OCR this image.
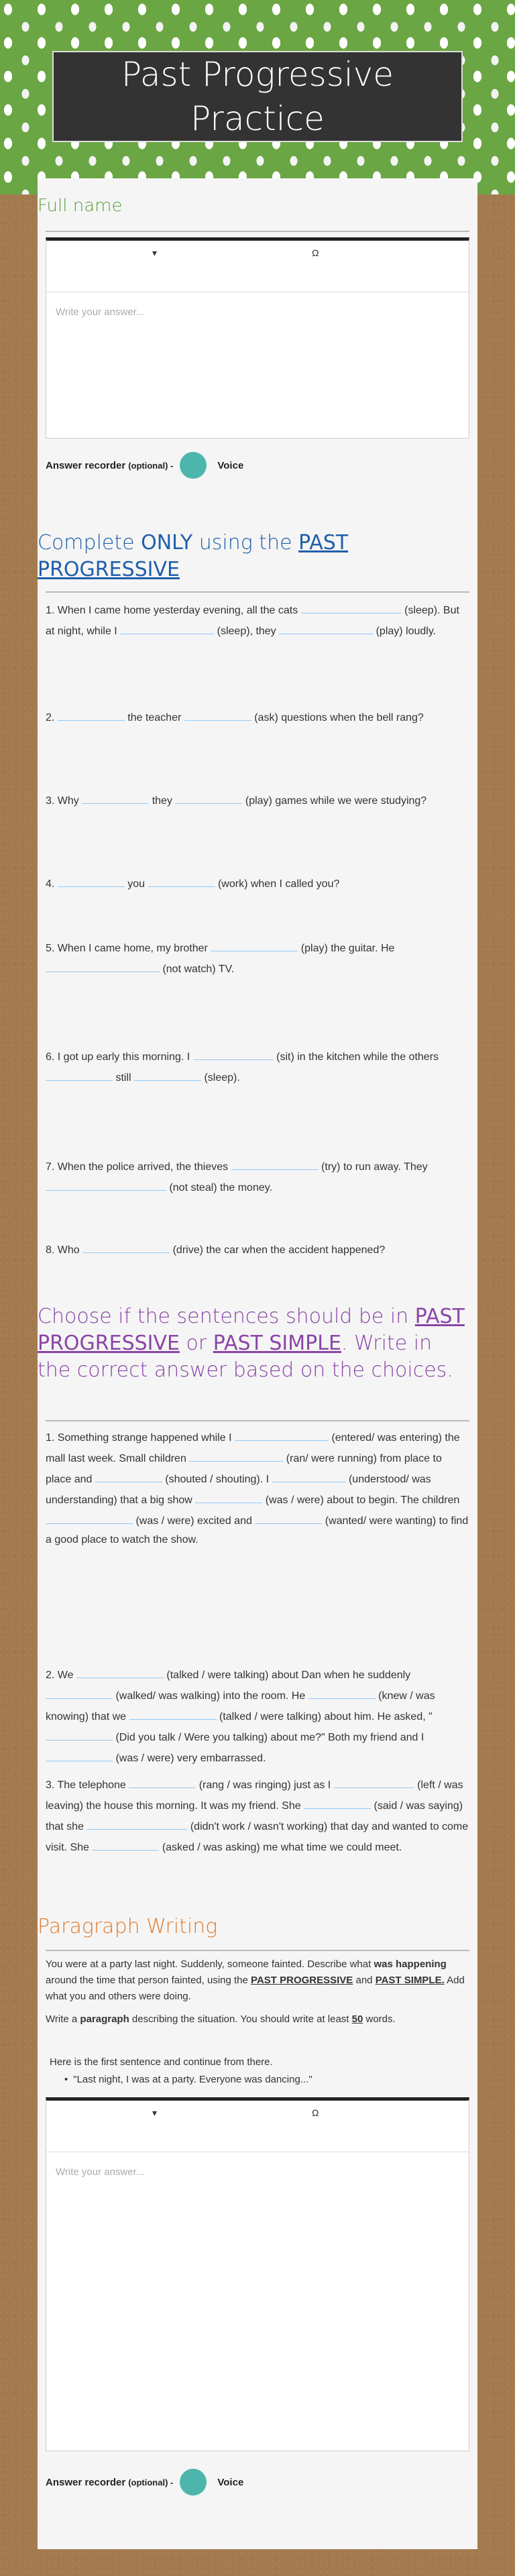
Past Progressive Practice
Full name
▾	Ω
Write your answer...
Answer recorder (optional) -	Voice
Complete ONLY using the PAST PROGRESSIVE
1. When I came home yesterday evening, all the cats	(sleep). But at night, while I	(sleep), they	(play) loudly.
2.	the teacher	(ask) questions when the bell rang?
3. Why	they	(play) games while we were studying?
4.	you	(work) when I called you?
5. When I came home, my brother	(play) the guitar. He  (not watch) TV.
6. I got up early this morning. I	(sit) in the kitchen while the others  still	(sleep).
7. When the police arrived, the thieves	(try) to run away. They  (not steal) the money.
8. Who	(drive) the car when the accident happened?
Choose if the sentences should be in PAST PROGRESSIVE or PAST SIMPLE. Write in the correct answer based on the choices.
1. Something strange happened while I	(entered/ was entering) the mall last week. Small children	(ran/ were running) from place to place and	(shouted / shouting). I	(understood/ was understanding) that a big show	(was / were) about to begin. The children  (was / were) excited and	(wanted/ were wanting) to find a good place to watch the show.
2. We	(talked / were talking) about Dan when he suddenly  (walked/ was walking) into the room. He	(knew / was knowing) that we	(talked / were talking) about him. He asked, "  (Did you talk / Were you talking) about me?" Both my friend and I  (was / were) very embarrassed.
3. The telephone	(rang / was ringing) just as I	(left / was leaving) the house this morning. It was my friend. She	(said / was saying) that she	(didn't work / wasn't working) that day and wanted to come visit. She	(asked / was asking) me what time we could meet.
Paragraph Writing
You were at a party last night. Suddenly, someone fainted. Describe what was happening around the time that person fainted, using the PAST PROGRESSIVE and PAST SIMPLE. Add what you and others were doing.
Write a paragraph describing the situation. You should write at least 50 words.
Here is the first sentence and continue from there.
• "Last night, I was at a party. Everyone was dancing..."
▾	Ω
Write your answer...
Answer recorder (optional) -	Voice
